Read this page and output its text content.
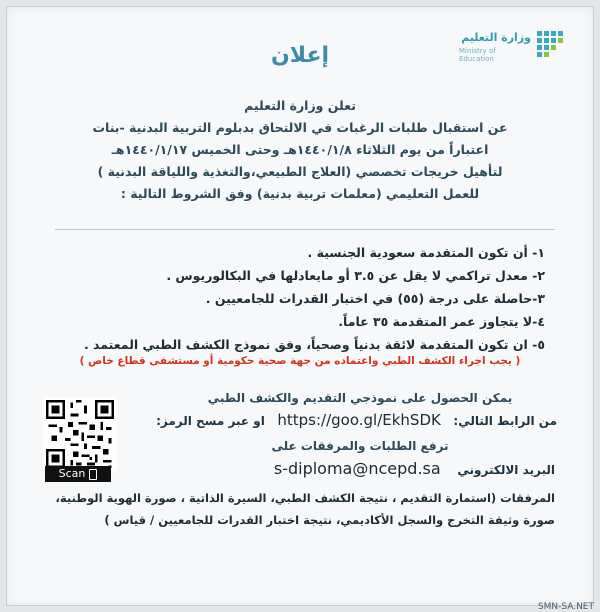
وزارة التعليم
Ministry of Education
إعلان
تعلن وزارة التعليم
عن استقبال طلبات الرغبات في الالتحاق بدبلوم التربية البدنية -بنات
اعتباراً من يوم الثلاثاء ١٤٤٠/١/٨هـ وحتى الخميس ١٤٤٠/١/١٧هـ
لتأهيل خريجات تخصصي (العلاج الطبيعي،والتغذية واللياقة البدنية )
للعمل التعليمي (معلمات تربية بدنية) وفق الشروط التالية :
١- أن تكون المتقدمة سعودية الجنسية .
٢- معدل تراكمي لا يقل عن ٣.٥ أو مايعادلها في البكالوريوس .
٣-حاصلة على درجة (٥٥) في اختبار القدرات للجامعيين .
٤-لا يتجاوز عمر المتقدمة ٣٥ عاماً.
٥- ان تكون المتقدمة لائقة بدنياً وصحياً، وفق نموذج الكشف الطبي المعتمد .
( يجب اجراء الكشف الطبي واعتماده من جهة صحية حكومية أو مستشفى قطاع خاص )
يمكن الحصول على نموذجي التقديم والكشف الطبي
من الرابط التالي:   https://goo.gl/EkhSDK   او عبر مسح الرمز:
Scan
ترفع الطلبات والمرفقات على
البريد الالكتروني    s-diploma@ncepd.sa
المرفقات (استمارة التقديم ، نتيجة الكشف الطبي، السيرة الذاتية ، صورة الهوية الوطنية،
صورة وثيقة التخرج والسجل الأكاديمي، نتيجة اختبار القدرات للجامعيين / قياس )
SMN-SA.NET
